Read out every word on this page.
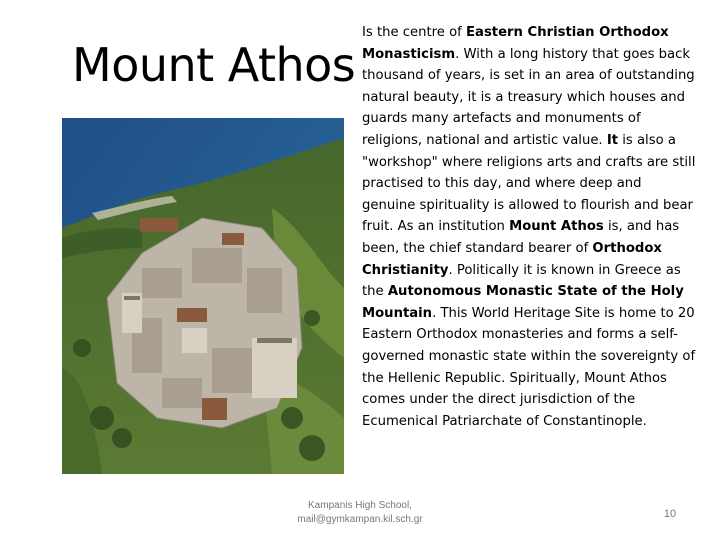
Mount Athos
Is the centre of Eastern Christian Orthodox Monasticism. With a long history that goes back thousand of years, is set in an area of outstanding natural beauty, it is a treasury which houses and guards many artefacts and monuments of religions, national and artistic value. It is also a "workshop" where religions arts and crafts are still practised to this day, and where deep and genuine spirituality is allowed to flourish and bear fruit. As an institution Mount Athos is, and has been, the chief standard bearer of Orthodox Christianity. Politically it is known in Greece as the Autonomous Monastic State of the Holy Mountain. This World Heritage Site is home to 20 Eastern Orthodox monasteries and forms a self-governed monastic state within the sovereignty of the Hellenic Republic. Spiritually, Mount Athos comes under the direct jurisdiction of the Ecumenical Patriarchate of Constantinople.
Kampanis High School,
mail@gymkampan.kil.sch.gr	10
